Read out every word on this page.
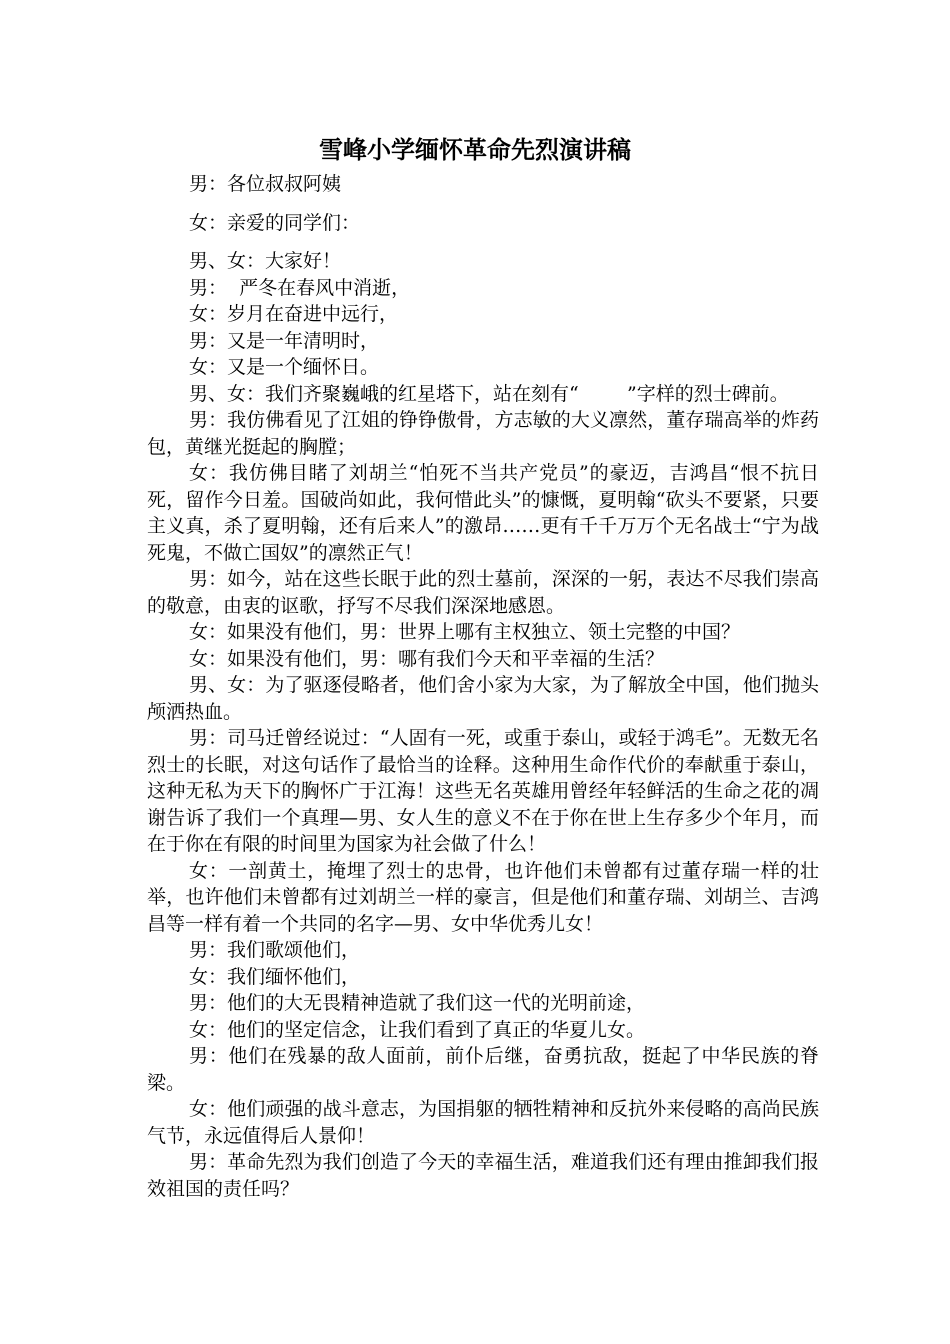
雪峰小学缅怀革命先烈演讲稿

男：各位叔叔阿姨

女：亲爱的同学们：

男、女：大家好！

男：  严冬在春风中消逝，

女：岁月在奋进中远行，

男：又是一年清明时，

女：又是一个缅怀日。

男、女：我们齐聚巍峨的红星塔下，站在刻有“        ”字样的烈士碑前。

男：我仿佛看见了江姐的铮铮傲骨，方志敏的大义凛然，董存瑞高举的炸药包，黄继光挺起的胸膛；

女：我仿佛目睹了刘胡兰“怕死不当共产党员”的豪迈，吉鸿昌“恨不抗日死，留作今日羞。国破尚如此，我何惜此头”的慷慨，夏明翰“砍头不要紧，只要主义真，杀了夏明翰，还有后来人”的激昂……更有千千万万个无名战士“宁为战死鬼，不做亡国奴”的凛然正气！

男：如今，站在这些长眠于此的烈士墓前，深深的一躬，表达不尽我们崇高的敬意，由衷的讴歌，抒写不尽我们深深地感恩。

女：如果没有他们，男：世界上哪有主权独立、领土完整的中国？

女：如果没有他们，男：哪有我们今天和平幸福的生活？

男、女：为了驱逐侵略者，他们舍小家为大家，为了解放全中国，他们抛头颅洒热血。

男：司马迁曾经说过：“人固有一死，或重于泰山，或轻于鸿毛”。无数无名烈士的长眠，对这句话作了最恰当的诠释。这种用生命作代价的奉献重于泰山，这种无私为天下的胸怀广于江海！这些无名英雄用曾经年轻鲜活的生命之花的凋谢告诉了我们一个真理—男、女人生的意义不在于你在世上生存多少个年月，而在于你在有限的时间里为国家为社会做了什么！

女：一剖黄土，掩埋了烈士的忠骨，也许他们未曾都有过董存瑞一样的壮举，也许他们未曾都有过刘胡兰一样的豪言，但是他们和董存瑞、刘胡兰、吉鸿昌等一样有着一个共同的名字—男、女中华优秀儿女！

男：我们歌颂他们，

女：我们缅怀他们，

男：他们的大无畏精神造就了我们这一代的光明前途，

女：他们的坚定信念，让我们看到了真正的华夏儿女。

男：他们在残暴的敌人面前，前仆后继，奋勇抗敌，挺起了中华民族的脊梁。

女：他们顽强的战斗意志，为国捐躯的牺牲精神和反抗外来侵略的高尚民族气节，永远值得后人景仰！

男：革命先烈为我们创造了今天的幸福生活，难道我们还有理由推卸我们报效祖国的责任吗？
